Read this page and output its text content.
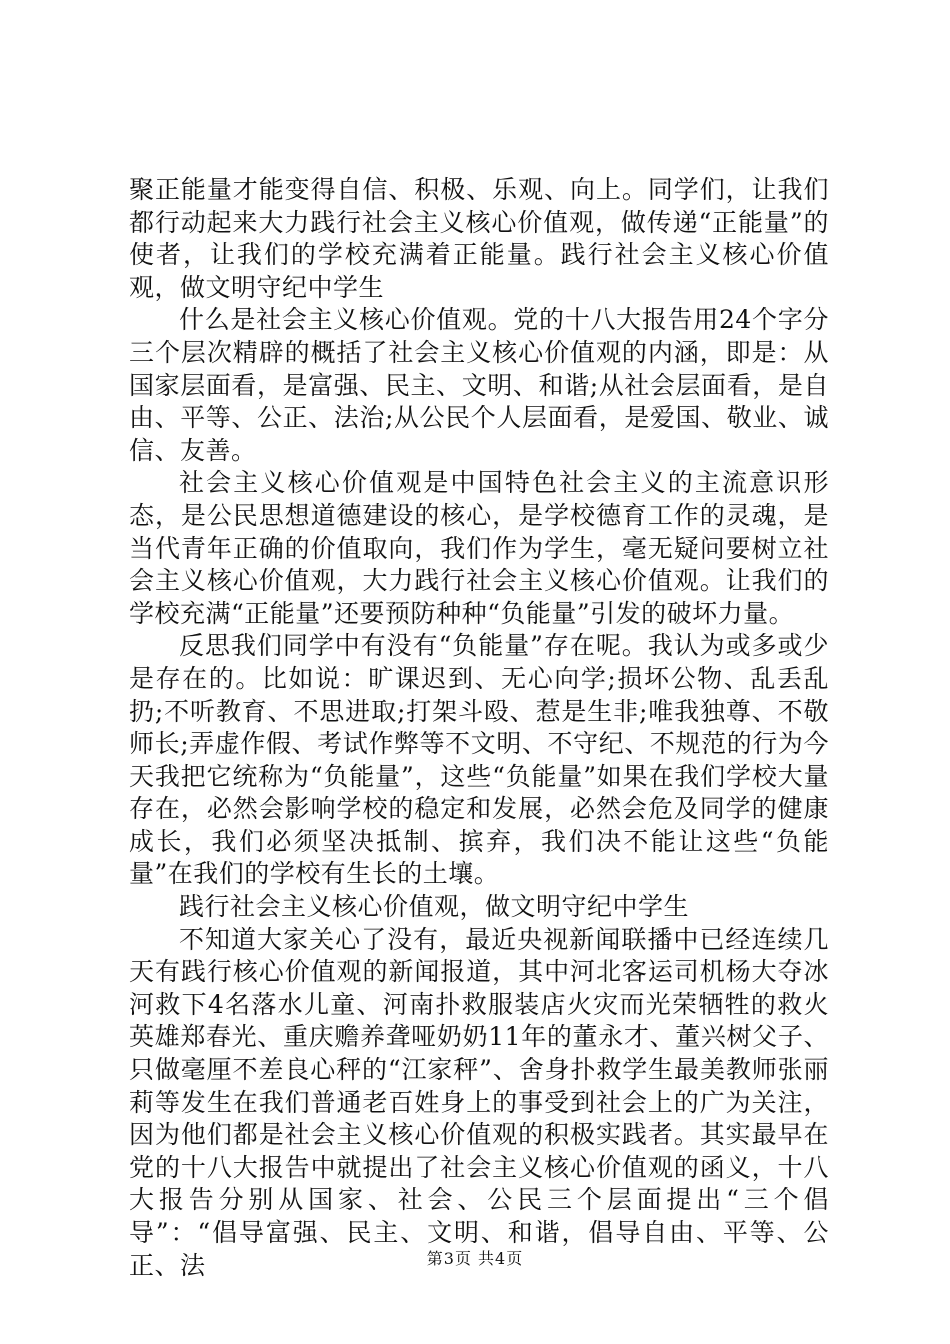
聚正能量才能变得自信、积极、乐观、向上。同学们，让我们都行动起来大力践行社会主义核心价值观，做传递“正能量”的使者，让我们的学校充满着正能量。践行社会主义核心价值观，做文明守纪中学生

什么是社会主义核心价值观。党的十八大报告用24个字分三个层次精辟的概括了社会主义核心价值观的内涵，即是：从国家层面看，是富强、民主、文明、和谐;从社会层面看，是自由、平等、公正、法治;从公民个人层面看，是爱国、敬业、诚信、友善。

社会主义核心价值观是中国特色社会主义的主流意识形态，是公民思想道德建设的核心，是学校德育工作的灵魂，是当代青年正确的价值取向，我们作为学生，毫无疑问要树立社会主义核心价值观，大力践行社会主义核心价值观。让我们的学校充满“正能量”还要预防种种“负能量”引发的破坏力量。

反思我们同学中有没有“负能量”存在呢。我认为或多或少是存在的。比如说：旷课迟到、无心向学;损坏公物、乱丢乱扔;不听教育、不思进取;打架斗殴、惹是生非;唯我独尊、不敬师长;弄虚作假、考试作弊等不文明、不守纪、不规范的行为今天我把它统称为“负能量”，这些“负能量”如果在我们学校大量存在，必然会影响学校的稳定和发展，必然会危及同学的健康成长，我们必须坚决抵制、摈弃，我们决不能让这些“负能量”在我们的学校有生长的土壤。

践行社会主义核心价值观，做文明守纪中学生

不知道大家关心了没有，最近央视新闻联播中已经连续几天有践行核心价值观的新闻报道，其中河北客运司机杨大夺冰河救下4名落水儿童、河南扑救服装店火灾而光荣牺牲的救火英雄郑春光、重庆赡养聋哑奶奶11年的董永才、董兴树父子、只做毫厘不差良心秤的“江家秤”、舍身扑救学生最美教师张丽莉等发生在我们普通老百姓身上的事受到社会上的广为关注，因为他们都是社会主义核心价值观的积极实践者。其实最早在党的十八大报告中就提出了社会主义核心价值观的函义，十八大报告分别从国家、社会、公民三个层面提出“三个倡导”：“倡导富强、民主、文明、和谐，倡导自由、平等、公正、法	第3页 共4页
